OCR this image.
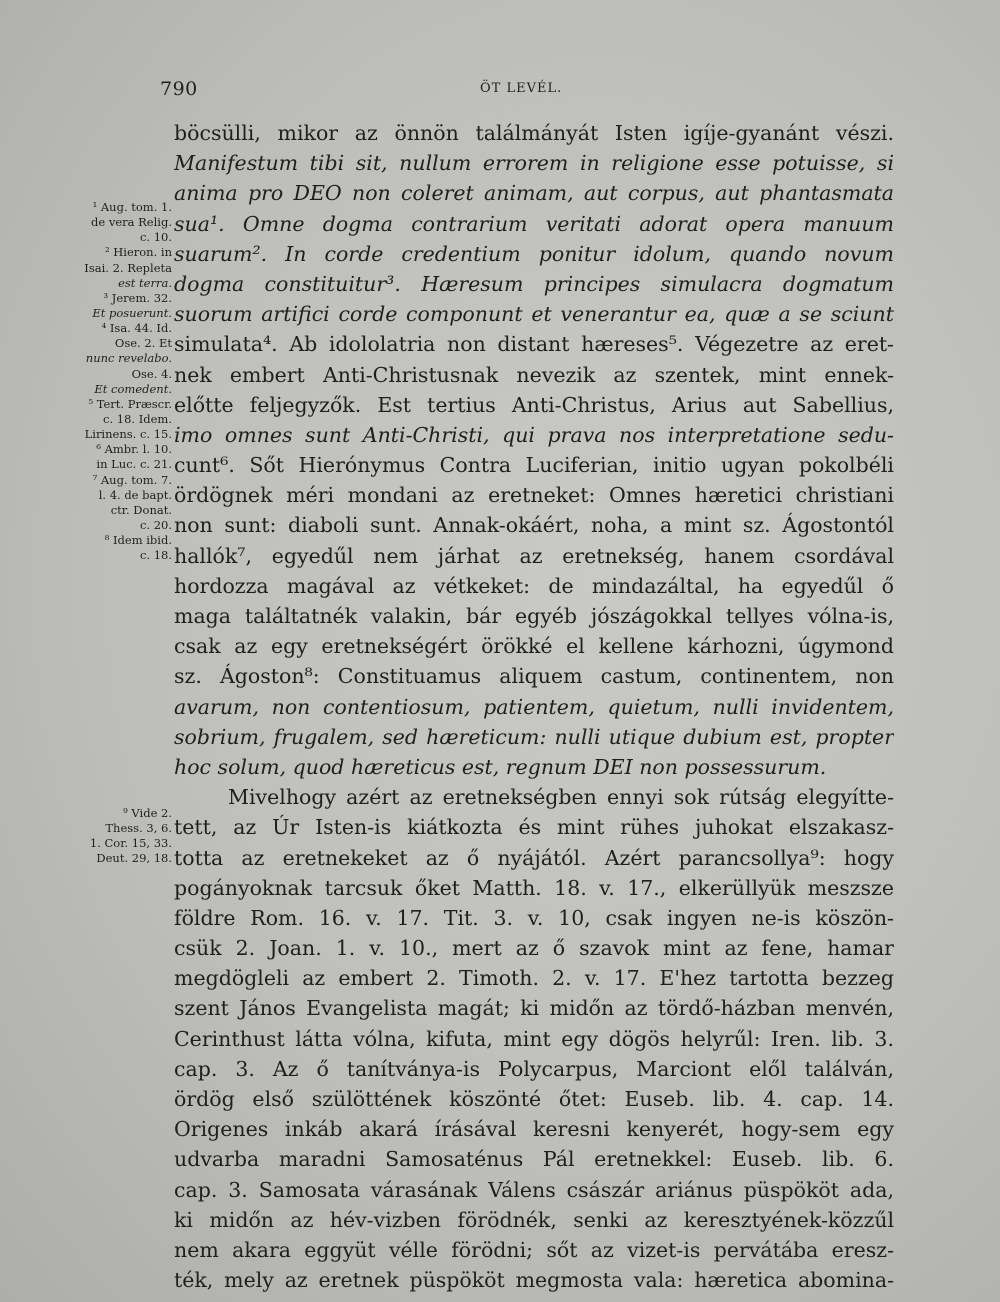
790	ÖT LEVÉL.
böcsülli, mikor az önnön találmányát Isten igíje-gyanánt vészi.
Manifestum tibi sit, nullum errorem in religione esse potuisse, si
anima pro DEO non coleret animam, aut corpus, aut phantasmata
sua¹. Omne dogma contrarium veritati adorat opera manuum
suarum². In corde credentium ponitur idolum, quando novum
dogma constituitur³. Hæresum principes simulacra dogmatum
suorum artifici corde componunt et venerantur ea, quæ a se sciunt
simulata⁴. Ab idololatria non distant hæreses⁵. Végezetre az eret-
nek embert Anti-Christusnak nevezik az szentek, mint ennek-
előtte feljegyzők. Est tertius Anti-Christus, Arius aut Sabellius,
imo omnes sunt Anti-Christi, qui prava nos interpretatione sedu-
cunt⁶. Sőt Hierónymus Contra Luciferian, initio ugyan pokolbéli
ördögnek méri mondani az eretneket: Omnes hæretici christiani
non sunt: diaboli sunt. Annak-okáért, noha, a mint sz. Ágostontól
hallók⁷, egyedűl nem járhat az eretnekség, hanem csordával
hordozza magával az vétkeket: de mindazáltal, ha egyedűl ő
maga találtatnék valakin, bár egyéb jószágokkal tellyes vólna-is,
csak az egy eretnekségért örökké el kellene kárhozni, úgymond
sz. Ágoston⁸: Constituamus aliquem castum, continentem, non
avarum, non contentiosum, patientem, quietum, nulli invidentem,
sobrium, frugalem, sed hæreticum: nulli utique dubium est, propter
hoc solum, quod hæreticus est, regnum DEI non possessurum.
Mivelhogy azért az eretnekségben ennyi sok rútság elegyítte-
tett, az Úr Isten-is kiátkozta és mint rühes juhokat elszakasz-
totta az eretnekeket az ő nyájától. Azért parancsollya⁹: hogy
pogányoknak tarcsuk őket Matth. 18. v. 17., elkerüllyük meszsze
földre Rom. 16. v. 17. Tit. 3. v. 10, csak ingyen ne-is köszön-
csük 2. Joan. 1. v. 10., mert az ő szavok mint az fene, hamar
megdögleli az embert 2. Timoth. 2. v. 17. E'hez tartotta bezzeg
szent János Evangelista magát; ki midőn az tördő-házban menvén,
Cerinthust látta vólna, kifuta, mint egy dögös helyrűl: Iren. lib. 3.
cap. 3. Az ő tanítványa-is Polycarpus, Marciont elől találván,
ördög első szülöttének köszönté őtet: Euseb. lib. 4. cap. 14.
Origenes inkáb akará írásával keresni kenyerét, hogy-sem egy
udvarba maradni Samosaténus Pál eretnekkel: Euseb. lib. 6.
cap. 3. Samosata várasának Válens császár ariánus püspököt ada,
ki midőn az hév-vizben förödnék, senki az keresztyének-közzűl
nem akara eggyüt vélle förödni; sőt az vizet-is pervátába eresz-
ték, mely az eretnek püspököt megmosta vala: hæretica abomina-
¹ Aug. tom. 1.
de vera Relig.
c. 10.
² Hieron. in
Isai. 2. Repleta
est terra.
³ Jerem. 32.
Et posuerunt.
⁴ Isa. 44. Id.
Ose. 2. Et
nunc revelabo.
Ose. 4.
Et comedent.
⁵ Tert. Præscr.
c. 18. Idem.
Lirinens. c. 15.
⁶ Ambr. l. 10.
in Luc. c. 21.
⁷ Aug. tom. 7.
l. 4. de bapt.
ctr. Donat.
c. 20.
⁸ Idem ibid.
c. 18.
⁹ Vide 2.
Thess. 3, 6.
1. Cor. 15, 33.
Deut. 29, 18.
